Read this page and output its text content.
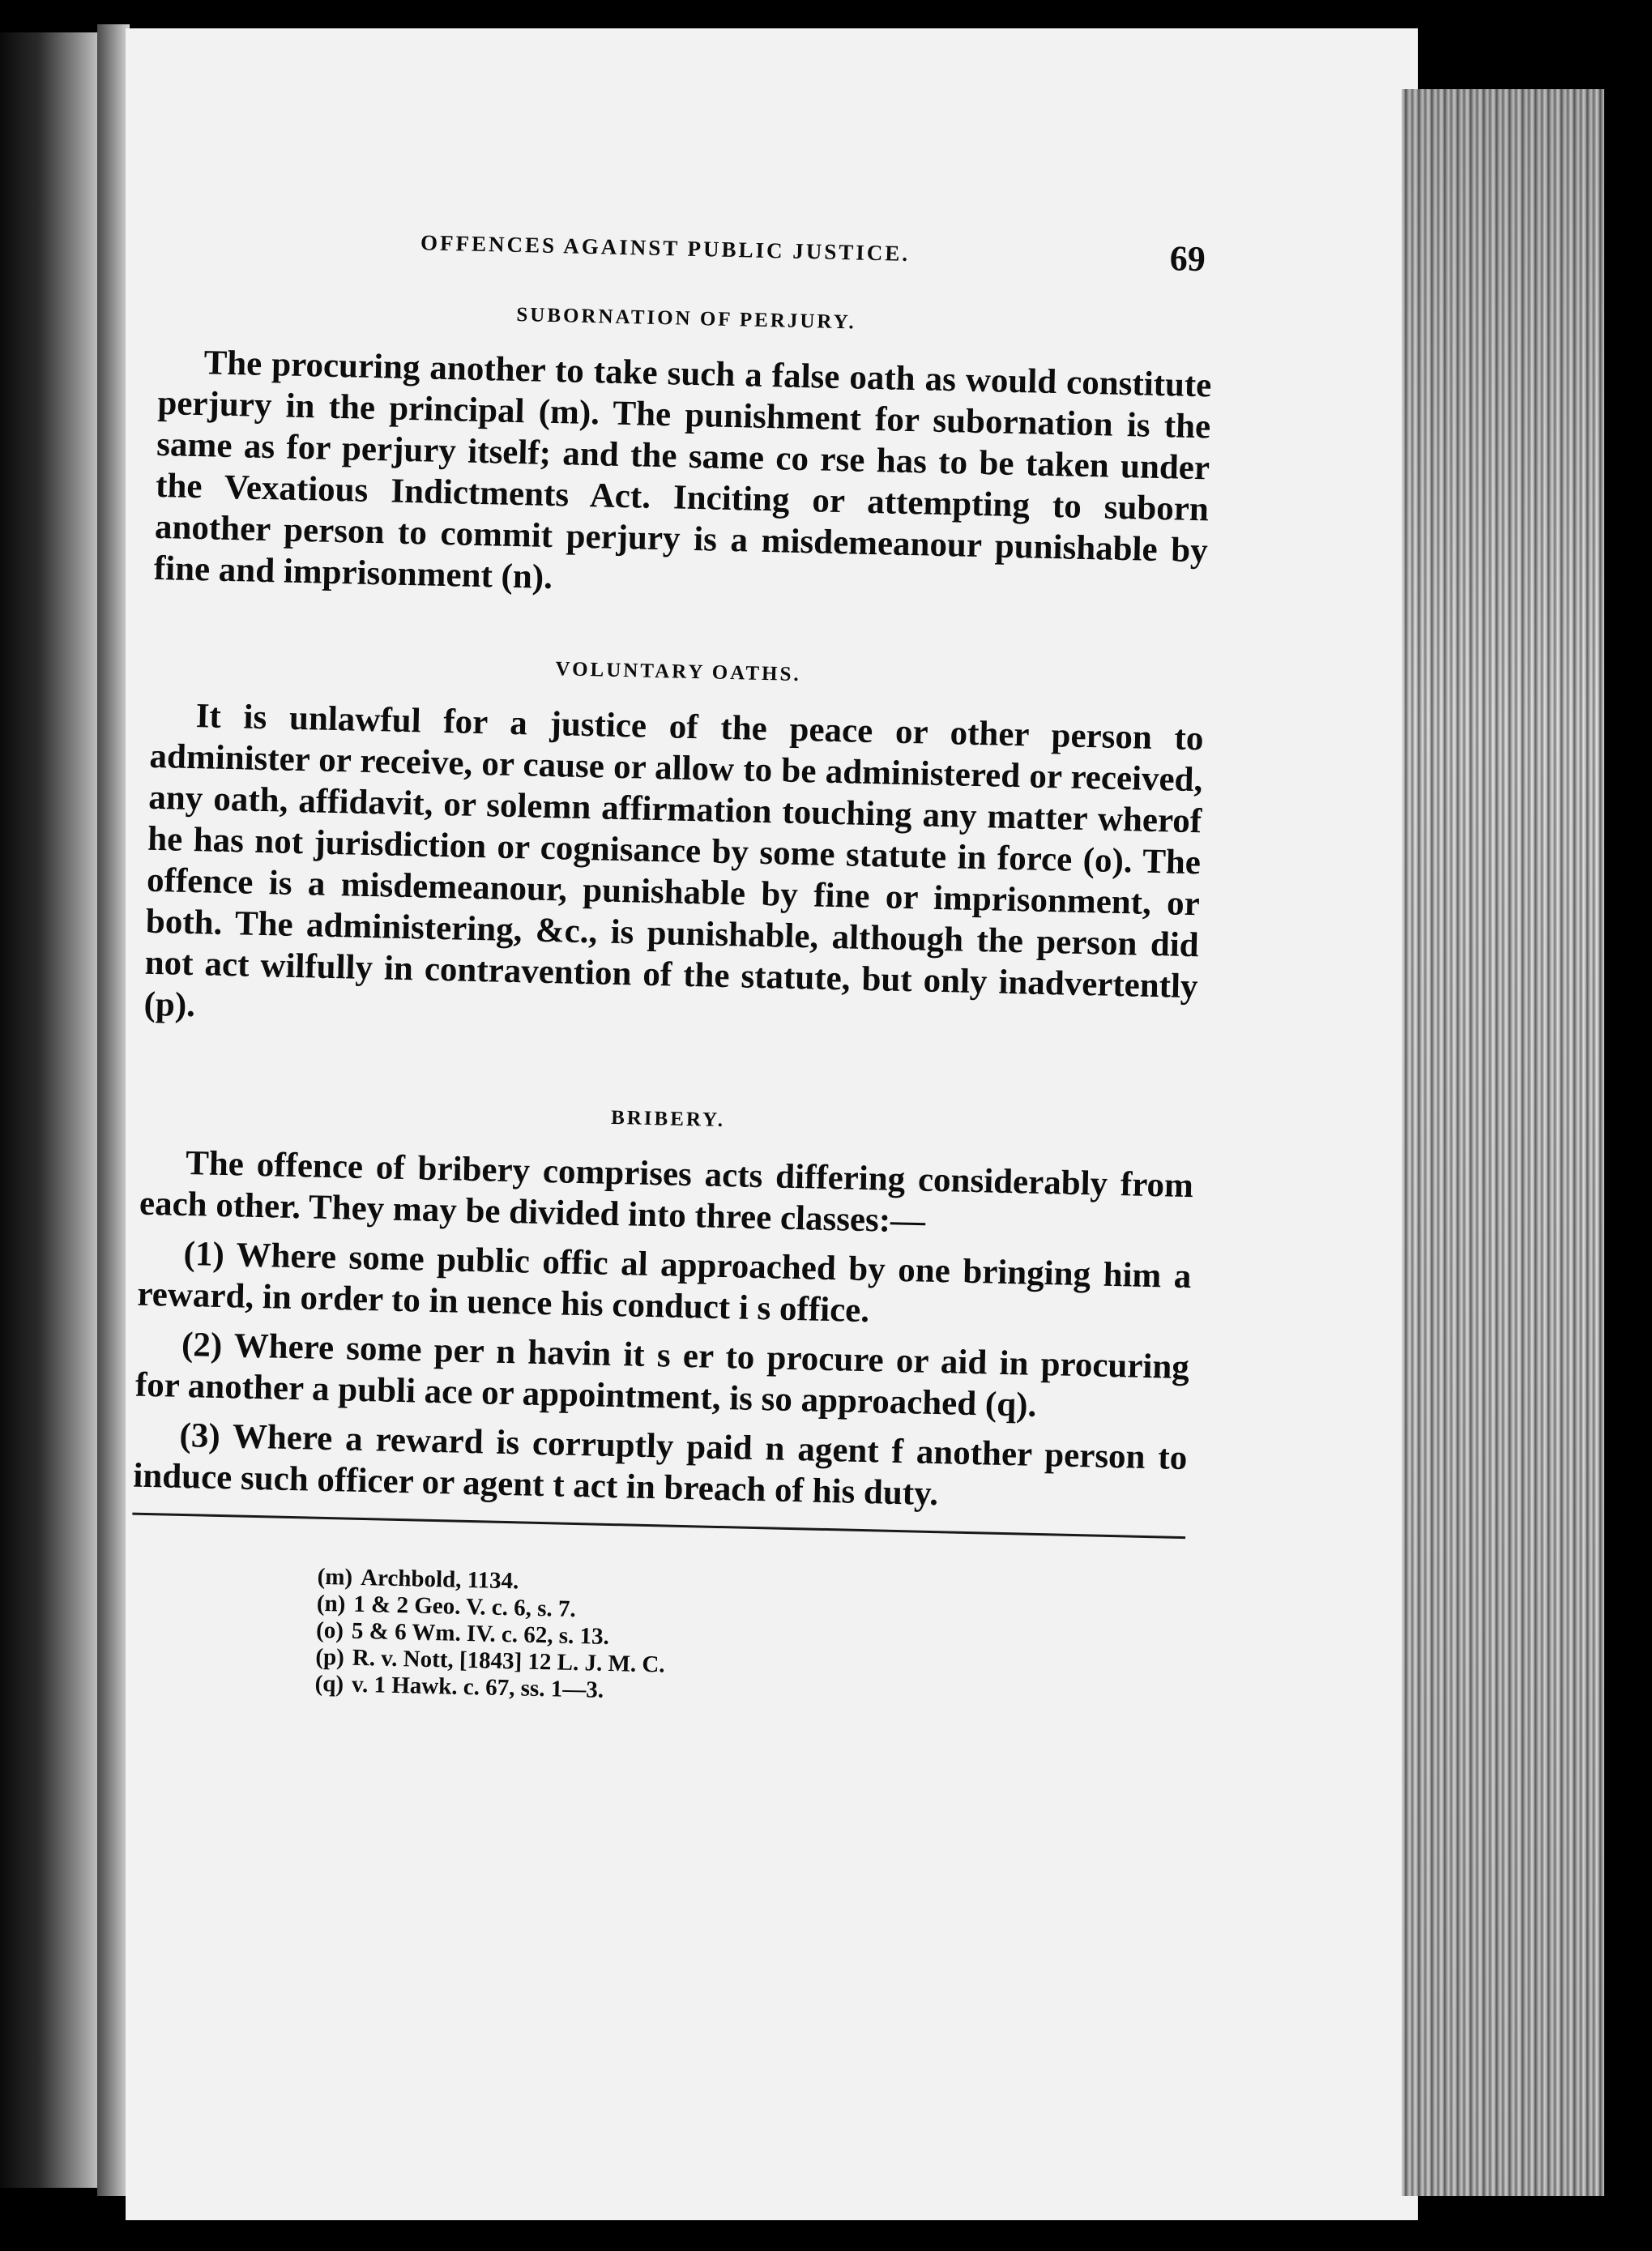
OFFENCES AGAINST PUBLIC JUSTICE.	69
SUBORNATION OF PERJURY.

The procuring another to take such a false oath as would constitute perjury in the principal (m). The punishment for subornation is the same as for perjury itself; and the same co rse has to be taken under the Vexatious Indictments Act. Inciting or attempting to suborn another person to commit perjury is a misdemeanour punishable by fine and imprisonment (n).

VOLUNTARY OATHS.

It is unlawful for a justice of the peace or other person to administer or receive, or cause or allow to be administered or received, any oath, affidavit, or solemn affirmation touching any matter wherof he has not jurisdiction or cognisance by some statute in force (o). The offence is a misdemeanour, punishable by fine or imprisonment, or both. The administering, &c., is punishable, although the person did not act wilfully in contravention of the statute, but only inadvertently (p).

BRIBERY.

The offence of bribery comprises acts differing considerably from each other. They may be divided into three classes:—

(1) Where some public offic al approached by one bringing him a reward, in order to in uence his conduct i s office.

(2) Where some per n havin it s er to procure or aid in procuring for another a publi ace or appointment, is so approached (q).

(3) Where a reward is corruptly paid n agent f another person to induce such officer or agent t act in breach of his duty.

(m) Archbold, 1134.
(n) 1 & 2 Geo. V. c. 6, s. 7.
(o) 5 & 6 Wm. IV. c. 62, s. 13.
(p) R. v. Nott, [1843] 12 L. J. M. C.
(q) v. 1 Hawk. c. 67, ss. 1—3.
